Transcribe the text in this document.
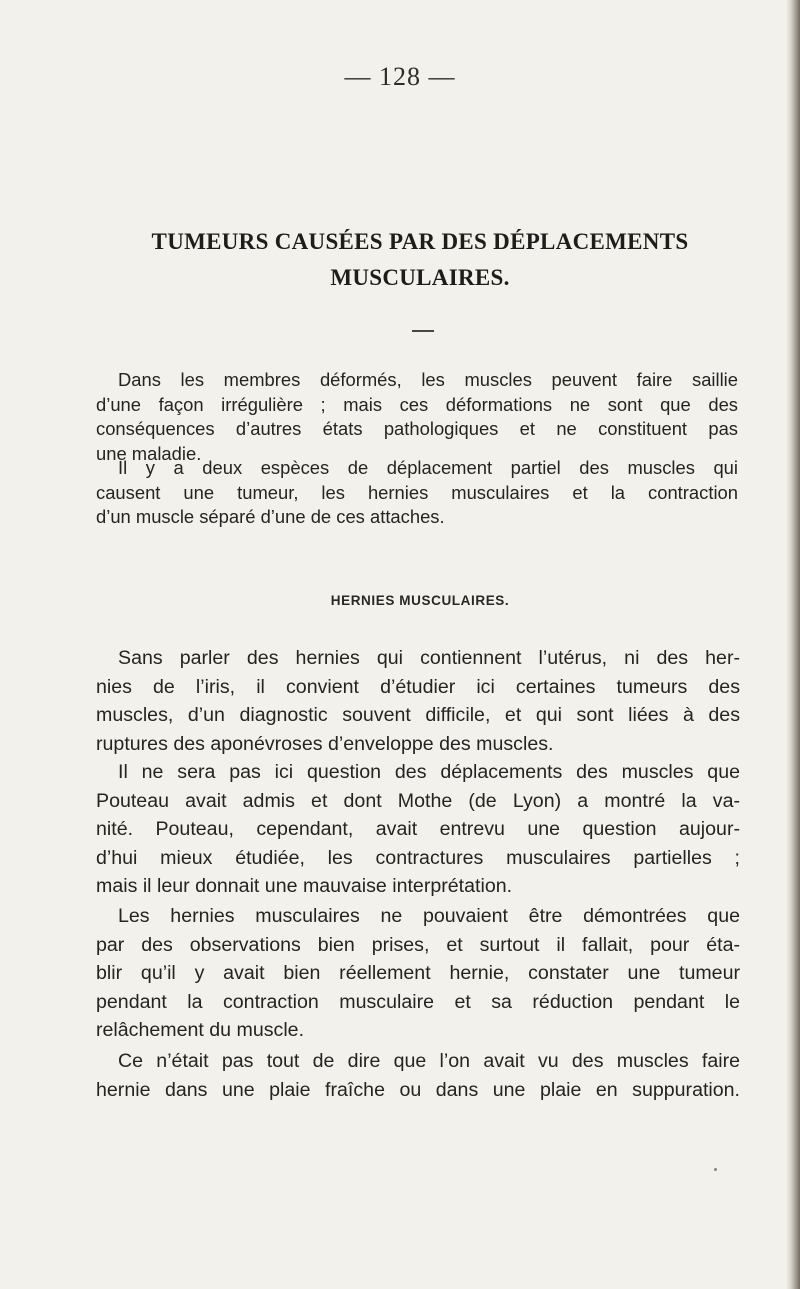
— 128 —
TUMEURS CAUSÉES PAR DES DÉPLACEMENTS
MUSCULAIRES.
Dans les membres déformés, les muscles peuvent faire saillie
d’une façon irrégulière ; mais ces déformations ne sont que des
conséquences d’autres états pathologiques et ne constituent pas
une maladie.
Il y a deux espèces de déplacement partiel des muscles qui
causent une tumeur, les hernies musculaires et la contraction
d’un muscle séparé d’une de ces attaches.
HERNIES MUSCULAIRES.
Sans parler des hernies qui contiennent l’utérus, ni des her-
nies de l’iris, il convient d’étudier ici certaines tumeurs des
muscles, d’un diagnostic souvent difficile, et qui sont liées à des
ruptures des aponévroses d’enveloppe des muscles.
Il ne sera pas ici question des déplacements des muscles que
Pouteau avait admis et dont Mothe (de Lyon) a montré la va-
nité. Pouteau, cependant, avait entrevu une question aujour-
d’hui mieux étudiée, les contractures musculaires partielles ;
mais il leur donnait une mauvaise interprétation.
Les hernies musculaires ne pouvaient être démontrées que
par des observations bien prises, et surtout il fallait, pour éta-
blir qu’il y avait bien réellement hernie, constater une tumeur
pendant la contraction musculaire et sa réduction pendant le
relâchement du muscle.
Ce n’était pas tout de dire que l’on avait vu des muscles faire
hernie dans une plaie fraîche ou dans une plaie en suppuration.
